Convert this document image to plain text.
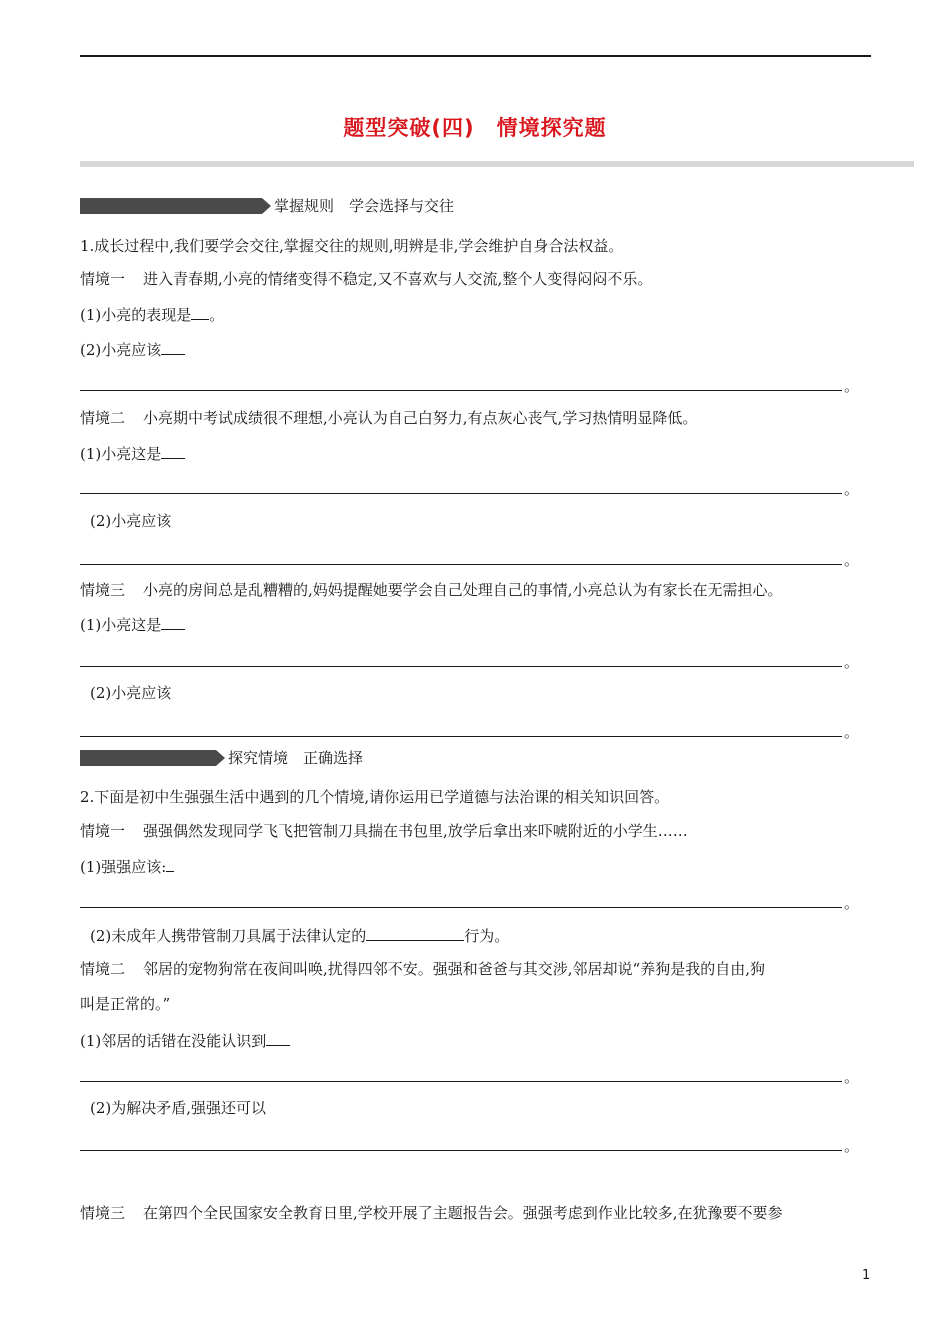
题型突破(四) 情境探究题
掌握规则　学会选择与交往
1.成长过程中,我们要学会交往,掌握交往的规则,明辨是非,学会维护自身合法权益。
情境一 进入青春期,小亮的情绪变得不稳定,又不喜欢与人交流,整个人变得闷闷不乐。
(1)小亮的表现是 。
(2)小亮应该
。
情境二 小亮期中考试成绩很不理想,小亮认为自己白努力,有点灰心丧气,学习热情明显降低。
(1)小亮这是
。
(2)小亮应该
。
情境三 小亮的房间总是乱糟糟的,妈妈提醒她要学会自己处理自己的事情,小亮总认为有家长在无需担心。
(1)小亮这是
。
(2)小亮应该
。
探究情境　正确选择
2.下面是初中生强强生活中遇到的几个情境,请你运用已学道德与法治课的相关知识回答。
情境一 强强偶然发现同学飞飞把管制刀具揣在书包里,放学后拿出来吓唬附近的小学生……
(1)强强应该:
。
(2)未成年人携带管制刀具属于法律认定的	行为。
情境二 邻居的宠物狗常在夜间叫唤,扰得四邻不安。强强和爸爸与其交涉,邻居却说“养狗是我的自由,狗
叫是正常的。”
(1)邻居的话错在没能认识到
。
(2)为解决矛盾,强强还可以
。
情境三 在第四个全民国家安全教育日里,学校开展了主题报告会。强强考虑到作业比较多,在犹豫要不要参
1
